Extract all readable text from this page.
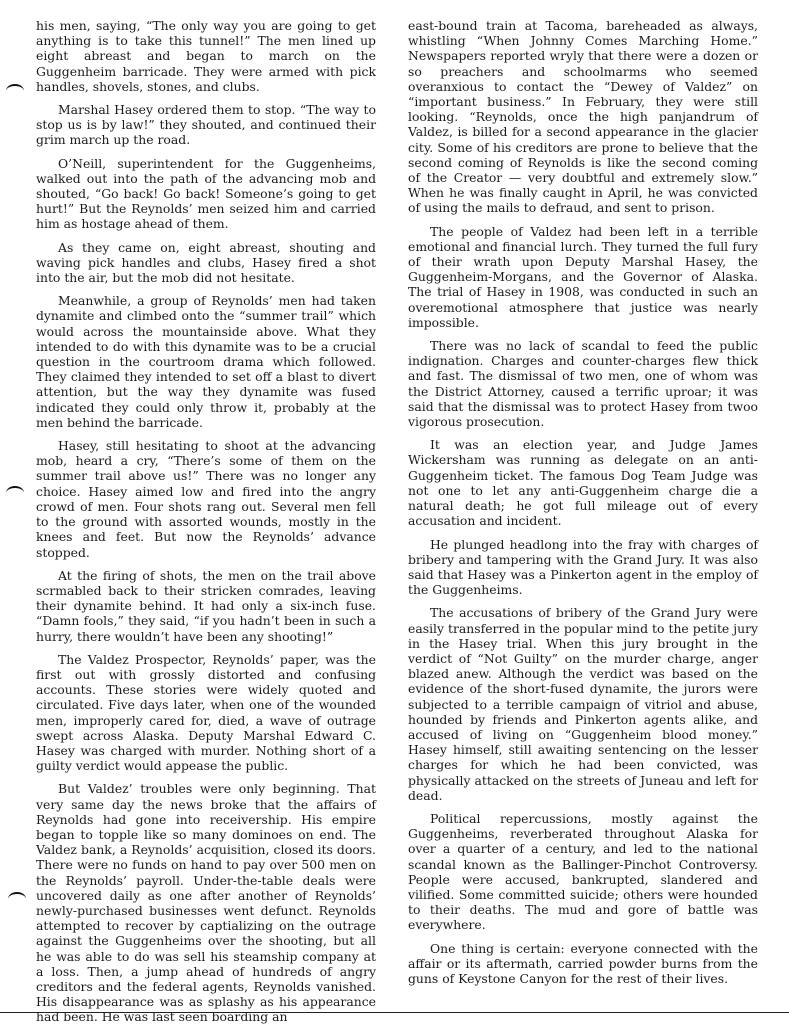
his men, saying, “The only way you are going to get anything is to take this tunnel!” The men lined up eight abreast and began to march on the Guggenheim barricade. They were armed with pick handles, shovels, stones, and clubs.

Marshal Hasey ordered them to stop. “The way to stop us is by law!” they shouted, and continued their grim march up the road.

O’Neill, superintendent for the Guggenheims, walked out into the path of the advancing mob and shouted, “Go back! Go back! Someone’s going to get hurt!” But the Reynolds’ men seized him and carried him as hostage ahead of them.

As they came on, eight abreast, shouting and waving pick handles and clubs, Hasey fired a shot into the air, but the mob did not hesitate.

Meanwhile, a group of Reynolds’ men had taken dynamite and climbed onto the “summer trail” which would across the mountainside above. What they intended to do with this dynamite was to be a crucial question in the courtroom drama which followed. They claimed they intended to set off a blast to divert attention, but the way they dynamite was fused indicated they could only throw it, probably at the men behind the barricade.

Hasey, still hesitating to shoot at the advancing mob, heard a cry, “There’s some of them on the summer trail above us!” There was no longer any choice. Hasey aimed low and fired into the angry crowd of men. Four shots rang out. Several men fell to the ground with assorted wounds, mostly in the knees and feet. But now the Reynolds’ advance stopped.

At the firing of shots, the men on the trail above scrmabled back to their stricken comrades, leaving their dynamite behind. It had only a six-inch fuse. “Damn fools,” they said, “if you hadn’t been in such a hurry, there wouldn’t have been any shooting!”

The Valdez Prospector, Reynolds’ paper, was the first out with grossly distorted and confusing accounts. These stories were widely quoted and circulated. Five days later, when one of the wounded men, improperly cared for, died, a wave of outrage swept across Alaska. Deputy Marshal Edward C. Hasey was charged with murder. Nothing short of a guilty verdict would appease the public.

But Valdez’ troubles were only beginning. That very same day the news broke that the affairs of Reynolds had gone into receivership. His empire began to topple like so many dominoes on end. The Valdez bank, a Reynolds’ acquisition, closed its doors. There were no funds on hand to pay over 500 men on the Reynolds’ payroll. Under-the-table deals were uncovered daily as one after another of Reynolds’ newly-purchased businesses went defunct. Reynolds attempted to recover by captializing on the outrage against the Guggenheims over the shooting, but all he was able to do was sell his steamship company at a loss. Then, a jump ahead of hundreds of angry creditors and the federal agents, Reynolds vanished. His disappearance was as splashy as his appearance had been. He was last seen boarding an

east-bound train at Tacoma, bareheaded as always, whistling “When Johnny Comes Marching Home.” Newspapers reported wryly that there were a dozen or so preachers and schoolmarms who seemed overanxious to contact the “Dewey of Valdez” on “important business.” In February, they were still looking. “Reynolds, once the high panjandrum of Valdez, is billed for a second appearance in the glacier city. Some of his creditors are prone to believe that the second coming of Reynolds is like the second coming of the Creator — very doubtful and extremely slow.” When he was finally caught in April, he was convicted of using the mails to defraud, and sent to prison.

The people of Valdez had been left in a terrible emotional and financial lurch. They turned the full fury of their wrath upon Deputy Marshal Hasey, the Guggenheim-Morgans, and the Governor of Alaska. The trial of Hasey in 1908, was conducted in such an overemotional atmosphere that justice was nearly impossible.

There was no lack of scandal to feed the public indignation. Charges and counter-charges flew thick and fast. The dismissal of two men, one of whom was the District Attorney, caused a terrific uproar; it was said that the dismissal was to protect Hasey from twoo vigorous prosecution.

It was an election year, and Judge James Wickersham was running as delegate on an anti-Guggenheim ticket. The famous Dog Team Judge was not one to let any anti-Guggenheim charge die a natural death; he got full mileage out of every accusation and incident.

He plunged headlong into the fray with charges of bribery and tampering with the Grand Jury. It was also said that Hasey was a Pinkerton agent in the employ of the Guggenheims.

The accusations of bribery of the Grand Jury were easily transferred in the popular mind to the petite jury in the Hasey trial. When this jury brought in the verdict of “Not Guilty” on the murder charge, anger blazed anew. Although the verdict was based on the evidence of the short-fused dynamite, the jurors were subjected to a terrible campaign of vitriol and abuse, hounded by friends and Pinkerton agents alike, and accused of living on “Guggenheim blood money.” Hasey himself, still awaiting sentencing on the lesser charges for which he had been convicted, was physically attacked on the streets of Juneau and left for dead.

Political repercussions, mostly against the Guggenheims, reverberated throughout Alaska for over a quarter of a century, and led to the national scandal known as the Ballinger-Pinchot Controversy. People were accused, bankrupted, slandered and vilified. Some committed suicide; others were hounded to their deaths. The mud and gore of battle was everywhere.

One thing is certain: everyone connected with the affair or its aftermath, carried powder burns from the guns of Keystone Canyon for the rest of their lives.
